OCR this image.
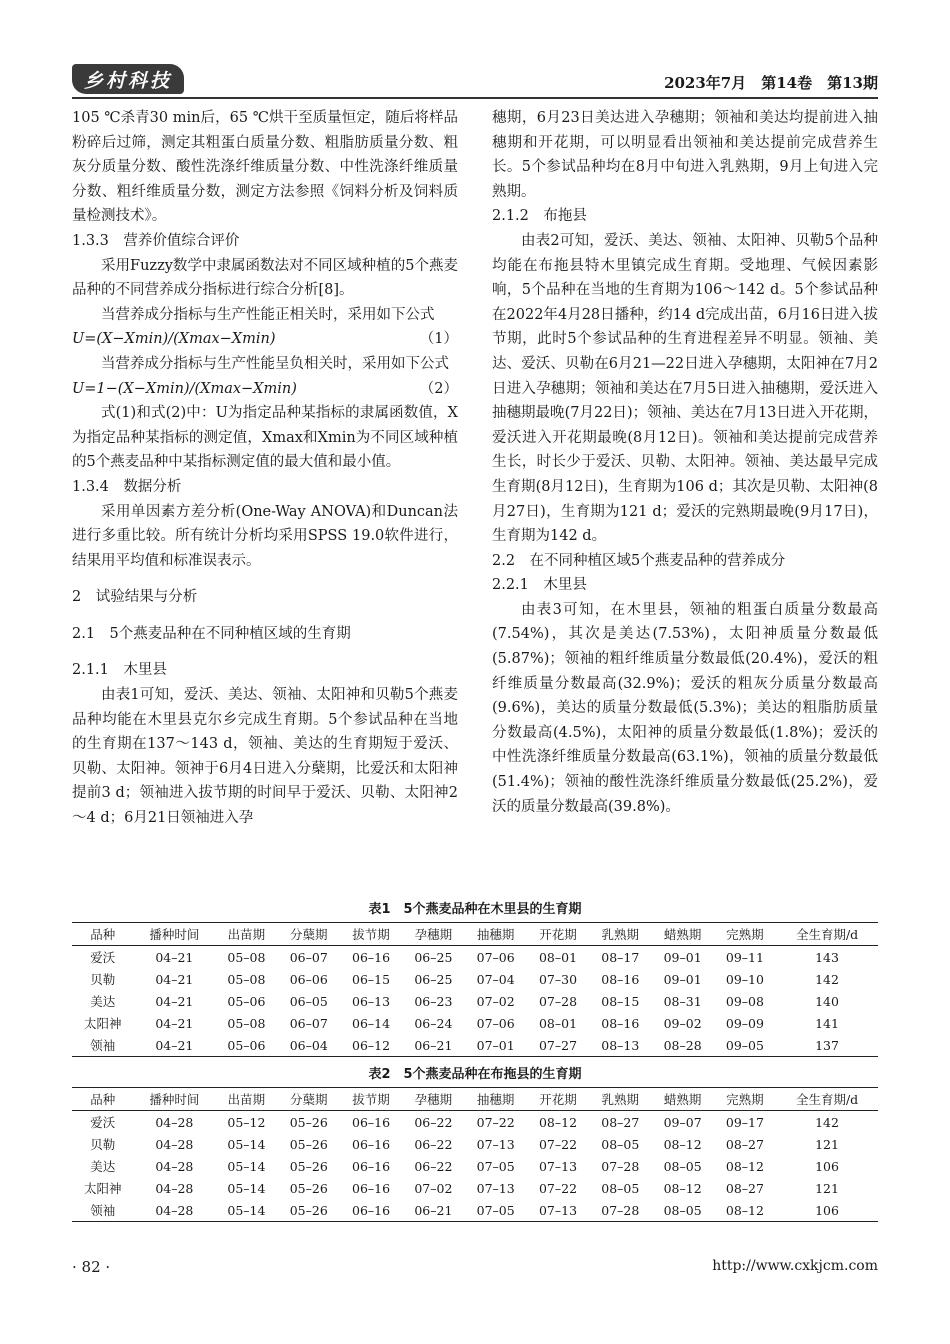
乡村科技	2023年7月　第14卷　第13期

105 ℃杀青30 min后，65 ℃烘干至质量恒定，随后将样品粉碎后过筛，测定其粗蛋白质量分数、粗脂肪质量分数、粗灰分质量分数、酸性洗涤纤维质量分数、中性洗涤纤维质量分数、粗纤维质量分数，测定方法参照《饲料分析及饲料质量检测技术》。

1.3.3　营养价值综合评价

采用Fuzzy数学中隶属函数法对不同区域种植的5个燕麦品种的不同营养成分指标进行综合分析[8]。

当营养成分指标与生产性能正相关时，采用如下公式

U=(X−Xmin)/(Xmax−Xmin)	（1）

当营养成分指标与生产性能呈负相关时，采用如下公式

U=1−(X−Xmin)/(Xmax−Xmin)	（2）

式(1)和式(2)中：U为指定品种某指标的隶属函数值，X为指定品种某指标的测定值，Xmax和Xmin为不同区域种植的5个燕麦品种中某指标测定值的最大值和最小值。

1.3.4　数据分析

采用单因素方差分析(One-Way ANOVA)和Duncan法进行多重比较。所有统计分析均采用SPSS 19.0软件进行，结果用平均值和标准误表示。

2　试验结果与分析

2.1　5个燕麦品种在不同种植区域的生育期

2.1.1　木里县

由表1可知，爱沃、美达、领袖、太阳神和贝勒5个燕麦品种均能在木里县克尔乡完成生育期。5个参试品种在当地的生育期在137～143 d，领袖、美达的生育期短于爱沃、贝勒、太阳神。领神于6月4日进入分蘖期，比爱沃和太阳神提前3 d；领袖进入拔节期的时间早于爱沃、贝勒、太阳神2～4 d；6月21日领袖进入孕

穗期，6月23日美达进入孕穗期；领袖和美达均提前进入抽穗期和开花期，可以明显看出领袖和美达提前完成营养生长。5个参试品种均在8月中旬进入乳熟期，9月上旬进入完熟期。

2.1.2　布拖县

由表2可知，爱沃、美达、领袖、太阳神、贝勒5个品种均能在布拖县特木里镇完成生育期。受地理、气候因素影响，5个品种在当地的生育期为106～142 d。5个参试品种在2022年4月28日播种，约14 d完成出苗，6月16日进入拔节期，此时5个参试品种的生育进程差异不明显。领袖、美达、爱沃、贝勒在6月21—22日进入孕穗期，太阳神在7月2日进入孕穗期；领袖和美达在7月5日进入抽穗期，爱沃进入抽穗期最晚(7月22日)；领袖、美达在7月13日进入开花期，爱沃进入开花期最晚(8月12日)。领袖和美达提前完成营养生长，时长少于爱沃、贝勒、太阳神。领袖、美达最早完成生育期(8月12日)，生育期为106 d；其次是贝勒、太阳神(8月27日)，生育期为121 d；爱沃的完熟期最晚(9月17日)，生育期为142 d。

2.2　在不同种植区域5个燕麦品种的营养成分

2.2.1　木里县

由表3可知，在木里县，领袖的粗蛋白质量分数最高(7.54%)，其次是美达(7.53%)，太阳神质量分数最低(5.87%)；领袖的粗纤维质量分数最低(20.4%)，爱沃的粗纤维质量分数最高(32.9%)；爱沃的粗灰分质量分数最高(9.6%)，美达的质量分数最低(5.3%)；美达的粗脂肪质量分数最高(4.5%)，太阳神的质量分数最低(1.8%)；爱沃的中性洗涤纤维质量分数最高(63.1%)，领袖的质量分数最低(51.4%)；领袖的酸性洗涤纤维质量分数最低(25.2%)，爱沃的质量分数最高(39.8%)。

表1　5个燕麦品种在木里县的生育期
品种	播种时间	出苗期	分蘖期	拔节期	孕穗期	抽穗期	开花期	乳熟期	蜡熟期	完熟期	全生育期/d
爱沃	04–21	05–08	06–07	06–16	06–25	07–06	08–01	08–17	09–01	09–11	143
贝勒	04–21	05–08	06–06	06–15	06–25	07–04	07–30	08–16	09–01	09–10	142
美达	04–21	05–06	06–05	06–13	06–23	07–02	07–28	08–15	08–31	09–08	140
太阳神	04–21	05–08	06–07	06–14	06–24	07–06	08–01	08–16	09–02	09–09	141
领袖	04–21	05–06	06–04	06–12	06–21	07–01	07–27	08–13	08–28	09–05	137
表2　5个燕麦品种在布拖县的生育期
品种	播种时间	出苗期	分蘖期	拔节期	孕穗期	抽穗期	开花期	乳熟期	蜡熟期	完熟期	全生育期/d
爱沃	04–28	05–12	05–26	06–16	06–22	07–22	08–12	08–27	09–07	09–17	142
贝勒	04–28	05–14	05–26	06–16	06–22	07–13	07–22	08–05	08–12	08–27	121
美达	04–28	05–14	05–26	06–16	06–22	07–05	07–13	07–28	08–05	08–12	106
太阳神	04–28	05–14	05–26	06–16	07–02	07–13	07–22	08–05	08–12	08–27	121
领袖	04–28	05–14	05–26	06–16	06–21	07–05	07–13	07–28	08–05	08–12	106
· 82 ·	http://www.cxkjcm.com
